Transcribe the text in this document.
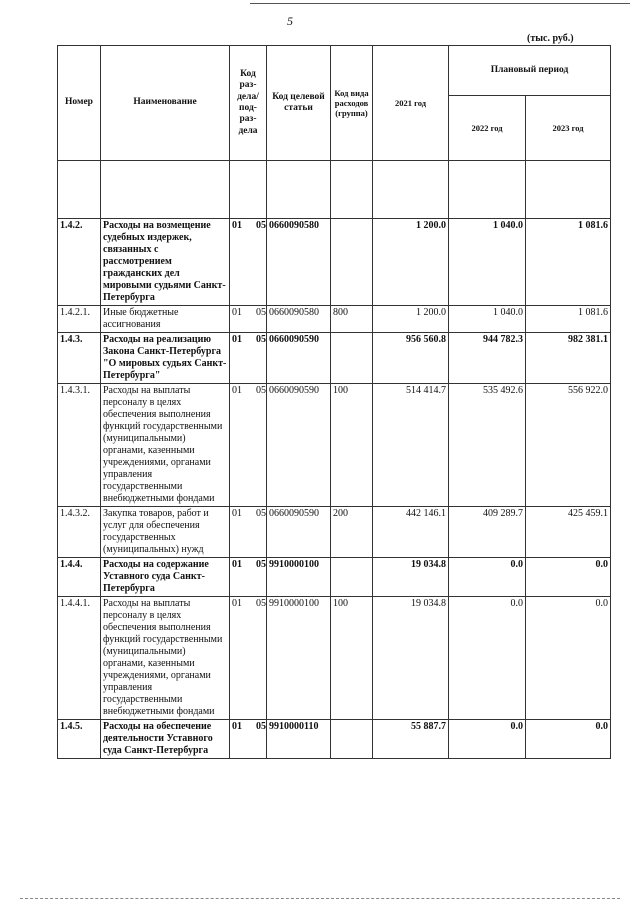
5
(тыс. руб.)
Номер	Наименование	Код раз-дела/ под-раз-дела	Код целевой статьи	Код вида расходов (группа)	2021 год	Плановый период	
						2022 год	2023 год

1.4.2.	Расходы на возмещение судебных издержек, связанных с рассмотрением гражданских дел мировыми судьями Санкт-Петербурга	01 05	0660090580		1 200.0	1 040.0	1 081.6
1.4.2.1.	Иные бюджетные ассигнования	01 05	0660090580	800	1 200.0	1 040.0	1 081.6
1.4.3.	Расходы на реализацию Закона Санкт-Петербурга "О мировых судьях Санкт-Петербурга"	01 05	0660090590		956 560.8	944 782.3	982 381.1
1.4.3.1.	Расходы на выплаты персоналу в целях обеспечения выполнения функций государственными (муниципальными) органами, казенными учреждениями, органами управления государственными внебюджетными фондами	01 05	0660090590	100	514 414.7	535 492.6	556 922.0
1.4.3.2.	Закупка товаров, работ и услуг для обеспечения государственных (муниципальных) нужд	01 05	0660090590	200	442 146.1	409 289.7	425 459.1
1.4.4.	Расходы на содержание Уставного суда Санкт-Петербурга	01 05	9910000100		19 034.8	0.0	0.0
1.4.4.1.	Расходы на выплаты персоналу в целях обеспечения выполнения функций государственными (муниципальными) органами, казенными учреждениями, органами управления государственными внебюджетными фондами	01 05	9910000100	100	19 034.8	0.0	0.0
1.4.5.	Расходы на обеспечение деятельности Уставного суда Санкт-Петербурга	01 05	9910000110		55 887.7	0.0	0.0
